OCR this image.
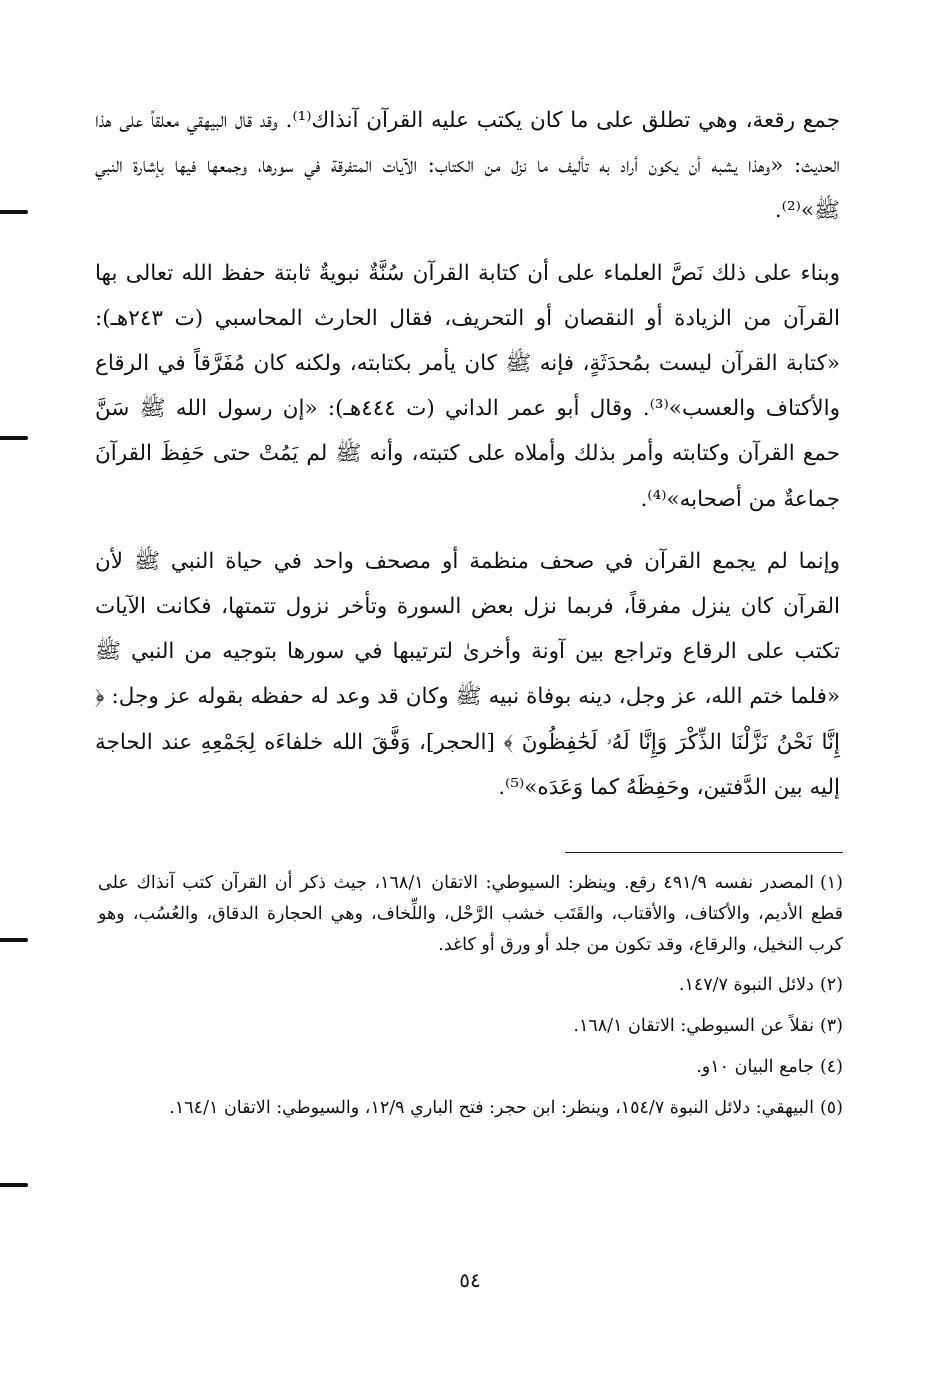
جمع رقعة، وهي تطلق على ما كان يكتب عليه القرآن آنذاك⁽¹⁾. وقد قال البيهقي معلقاً على هذا الحديث: «وهذا يشبه أن يكون أراد به تأليف ما نزل من الكتاب: الآيات المتفرقة في سورها، وجمعها فيها بإشارة النبي ﷺ»⁽²⁾.

وبناء على ذلك نَصَّ العلماء على أن كتابة القرآن سُنَّةٌ نبويةٌ ثابتة حفظ الله تعالى بها القرآن من الزيادة أو النقصان أو التحريف، فقال الحارث المحاسبي (ت ٢٤٣هـ): «كتابة القرآن ليست بمُحدَثَةٍ، فإنه ﷺ كان يأمر بكتابته، ولكنه كان مُفَرَّقاً في الرقاع والأكتاف والعسب»⁽³⁾. وقال أبو عمر الداني (ت ٤٤٤هـ): «إن رسول الله ﷺ سَنَّ حمع القرآن وكتابته وأمر بذلك وأملاه على كتبته، وأنه ﷺ لم يَمُتْ حتى حَفِظَ القرآنَ جماعةٌ من أصحابه»⁽⁴⁾.

وإنما لم يجمع القرآن في صحف منظمة أو مصحف واحد في حياة النبي ﷺ لأن القرآن كان ينزل مفرقاً، فربما نزل بعض السورة وتأخر نزول تتمتها، فكانت الآيات تكتب على الرقاع وتراجع بين آونة وأخرىٰ لترتيبها في سورها بتوجيه من النبي ﷺ «فلما ختم الله، عز وجل، دينه بوفاة نبيه ﷺ وكان قد وعد له حفظه بقوله عز وجل: ﴿ إِنَّا نَحْنُ نَزَّلْنَا الذِّكْرَ وَإِنَّا لَهُۥ لَحَٰفِظُونَ ﴾ [الحجر]، وَفَّقَ الله خلفاءَه لِجَمْعِهِ عند الحاجة إليه بين الدَّفتين، وحَفِظَهُ كما وَعَدَه»⁽⁵⁾.

(١)المصدر نفسه ٤٩١/٩ رقع. وينظر: السيوطي: الاتقان ١٦٨/١، جيث ذكر أن القرآن كتب آنذاك على قطع الأديم، والأكتاف، والأقتاب، والقَتَب خشب الرَّحْل، واللِّخاف، وهي الحجارة الدقاق، والعُسُب، وهو كرب النخيل، والرقاع، وقد تكون من جلد أو ورق أو كاغد.
(٢)دلائل النبوة ١٤٧/٧.
(٣)نقلاً عن السيوطي: الاتقان ١٦٨/١.
(٤)جامع البيان ١٠و.
(٥)البيهقي: دلائل النبوة ١٥٤/٧، وينظر: ابن حجر: فتح الباري ١٢/٩، والسيوطي: الاتقان ١٦٤/١.
٥٤
